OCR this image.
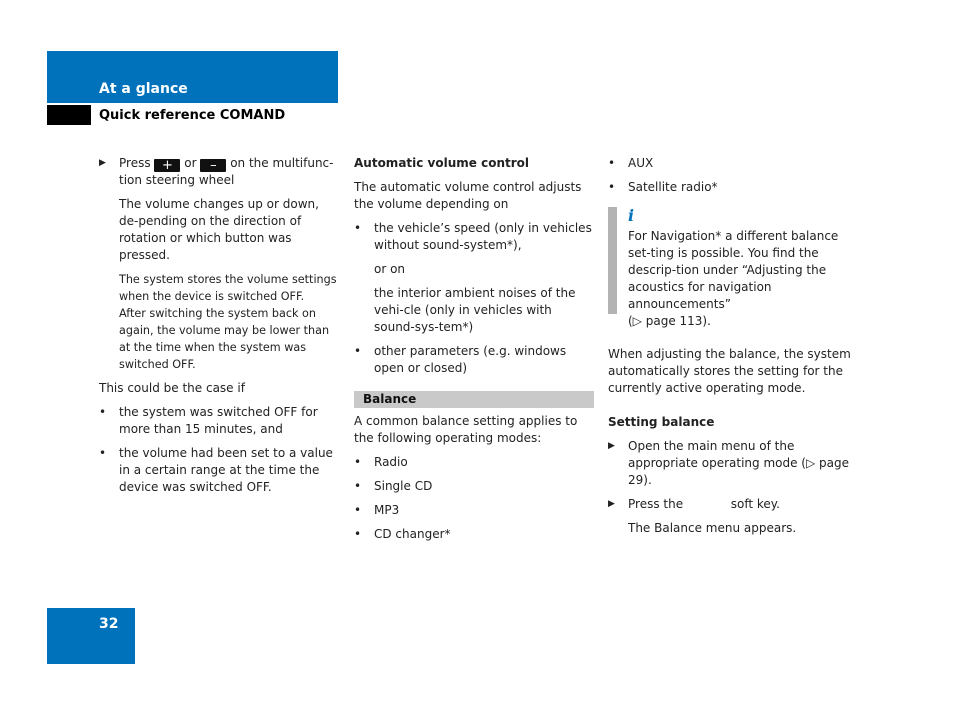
At a glance
Quick reference COMAND
▶	Press + or – on the multifunc-tion steering wheel

The volume changes up or down, de-pending on the direction of rotation or which button was pressed.

The system stores the volume settings when the device is switched OFF.

After switching the system back on again, the volume may be lower than at the time when the system was switched OFF.

This could be the case if

•	the system was switched OFF for more than 15 minutes, and
•	the volume had been set to a value in a certain range at the time the device was switched OFF.

Automatic volume control

The automatic volume control adjusts the volume depending on

•	the vehicle’s speed (only in vehicles without sound-system*),

or on

the interior ambient noises of the vehi-cle (only in vehicles with sound-sys-tem*)

•	other parameters (e.g. windows open or closed)
Balance

A common balance setting applies to the following operating modes:

•	Radio
•	Single CD
•	MP3
•	CD changer*
•	AUX
•	Satellite radio*
i
For Navigation* a different balance set-ting is possible. You find the descrip-tion under “Adjusting the acoustics for navigation announcements”
(▷ page 113).

When adjusting the balance, the system automatically stores the setting for the currently active operating mode.

Setting balance

▶	Open the main menu of the appropriate operating mode (▷ page 29).
▶	Press the	soft key.

The Balance menu appears.

32
